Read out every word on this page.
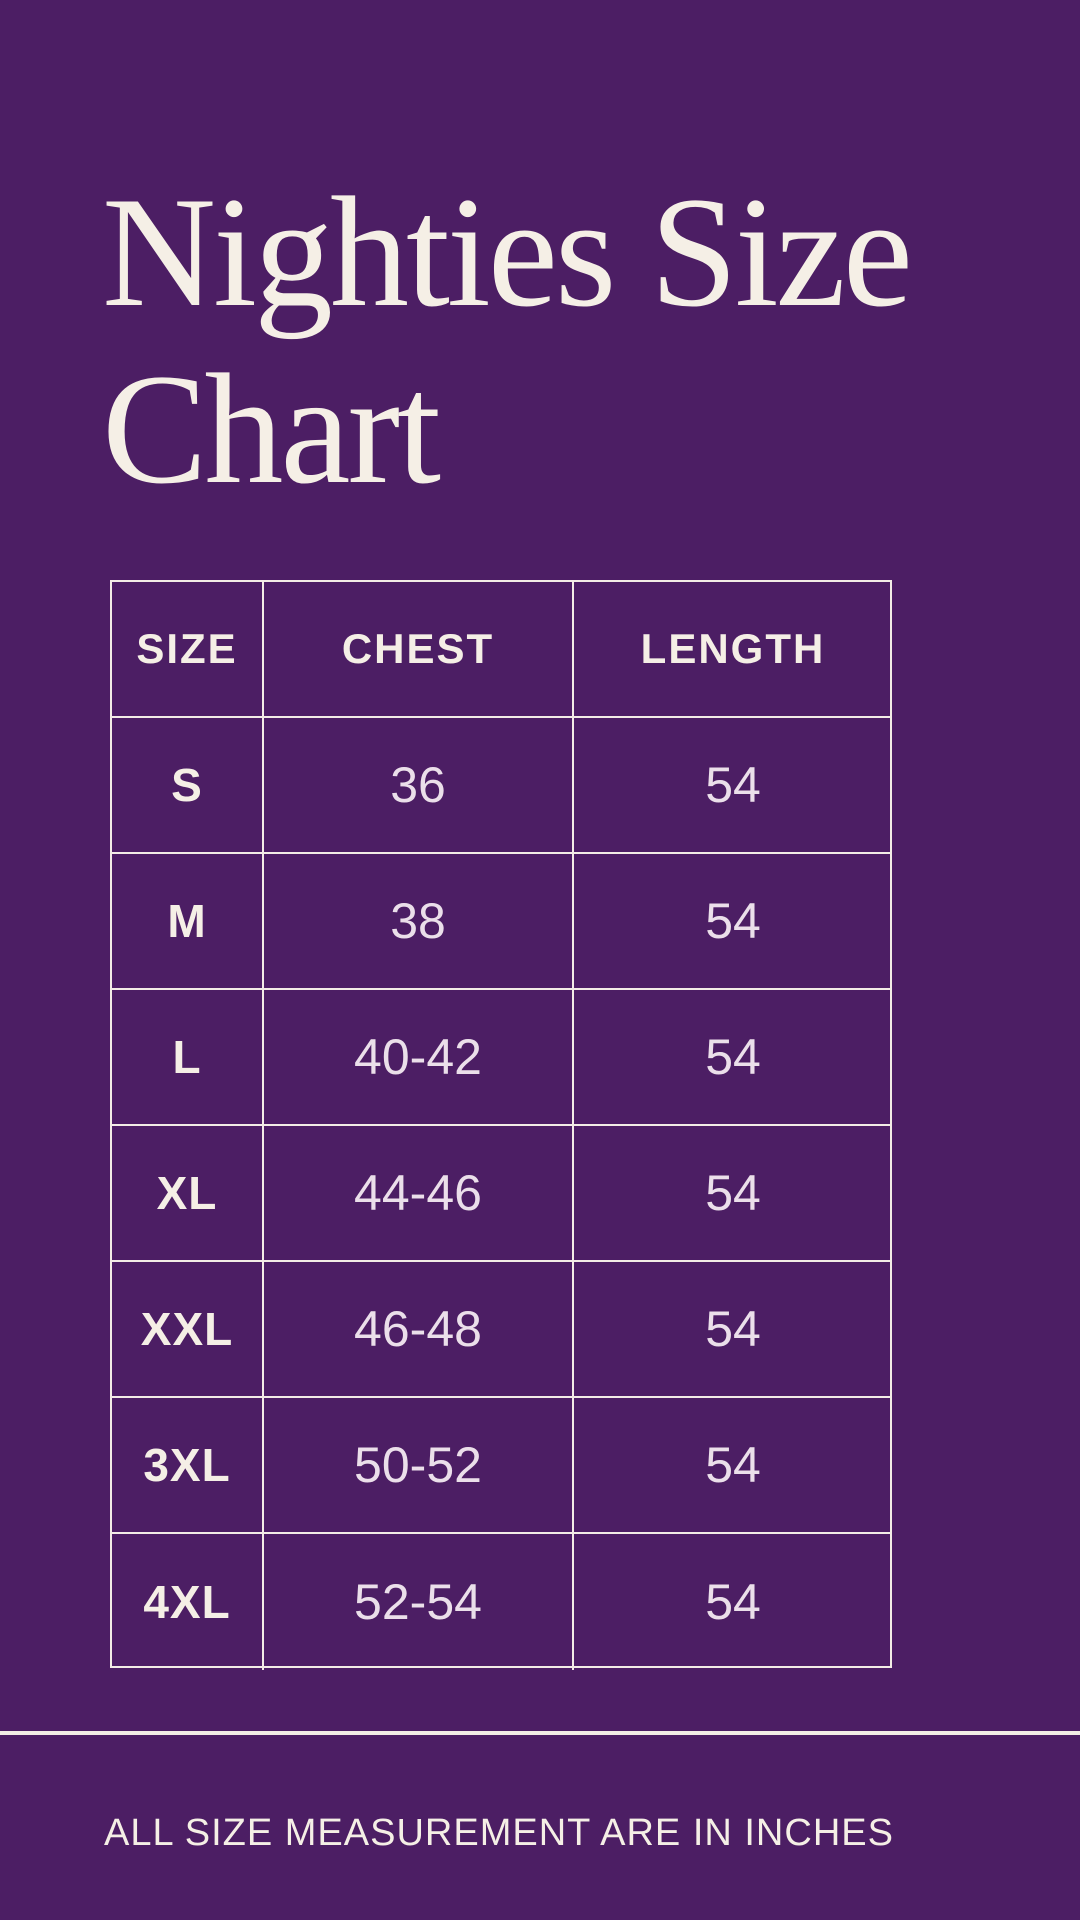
Nighties Size
Chart
SIZE	CHEST	LENGTH
S	36	54
M	38	54
L	40-42	54
XL	44-46	54
XXL	46-48	54
3XL	50-52	54
4XL	52-54	54
ALL SIZE MEASUREMENT ARE IN INCHES
